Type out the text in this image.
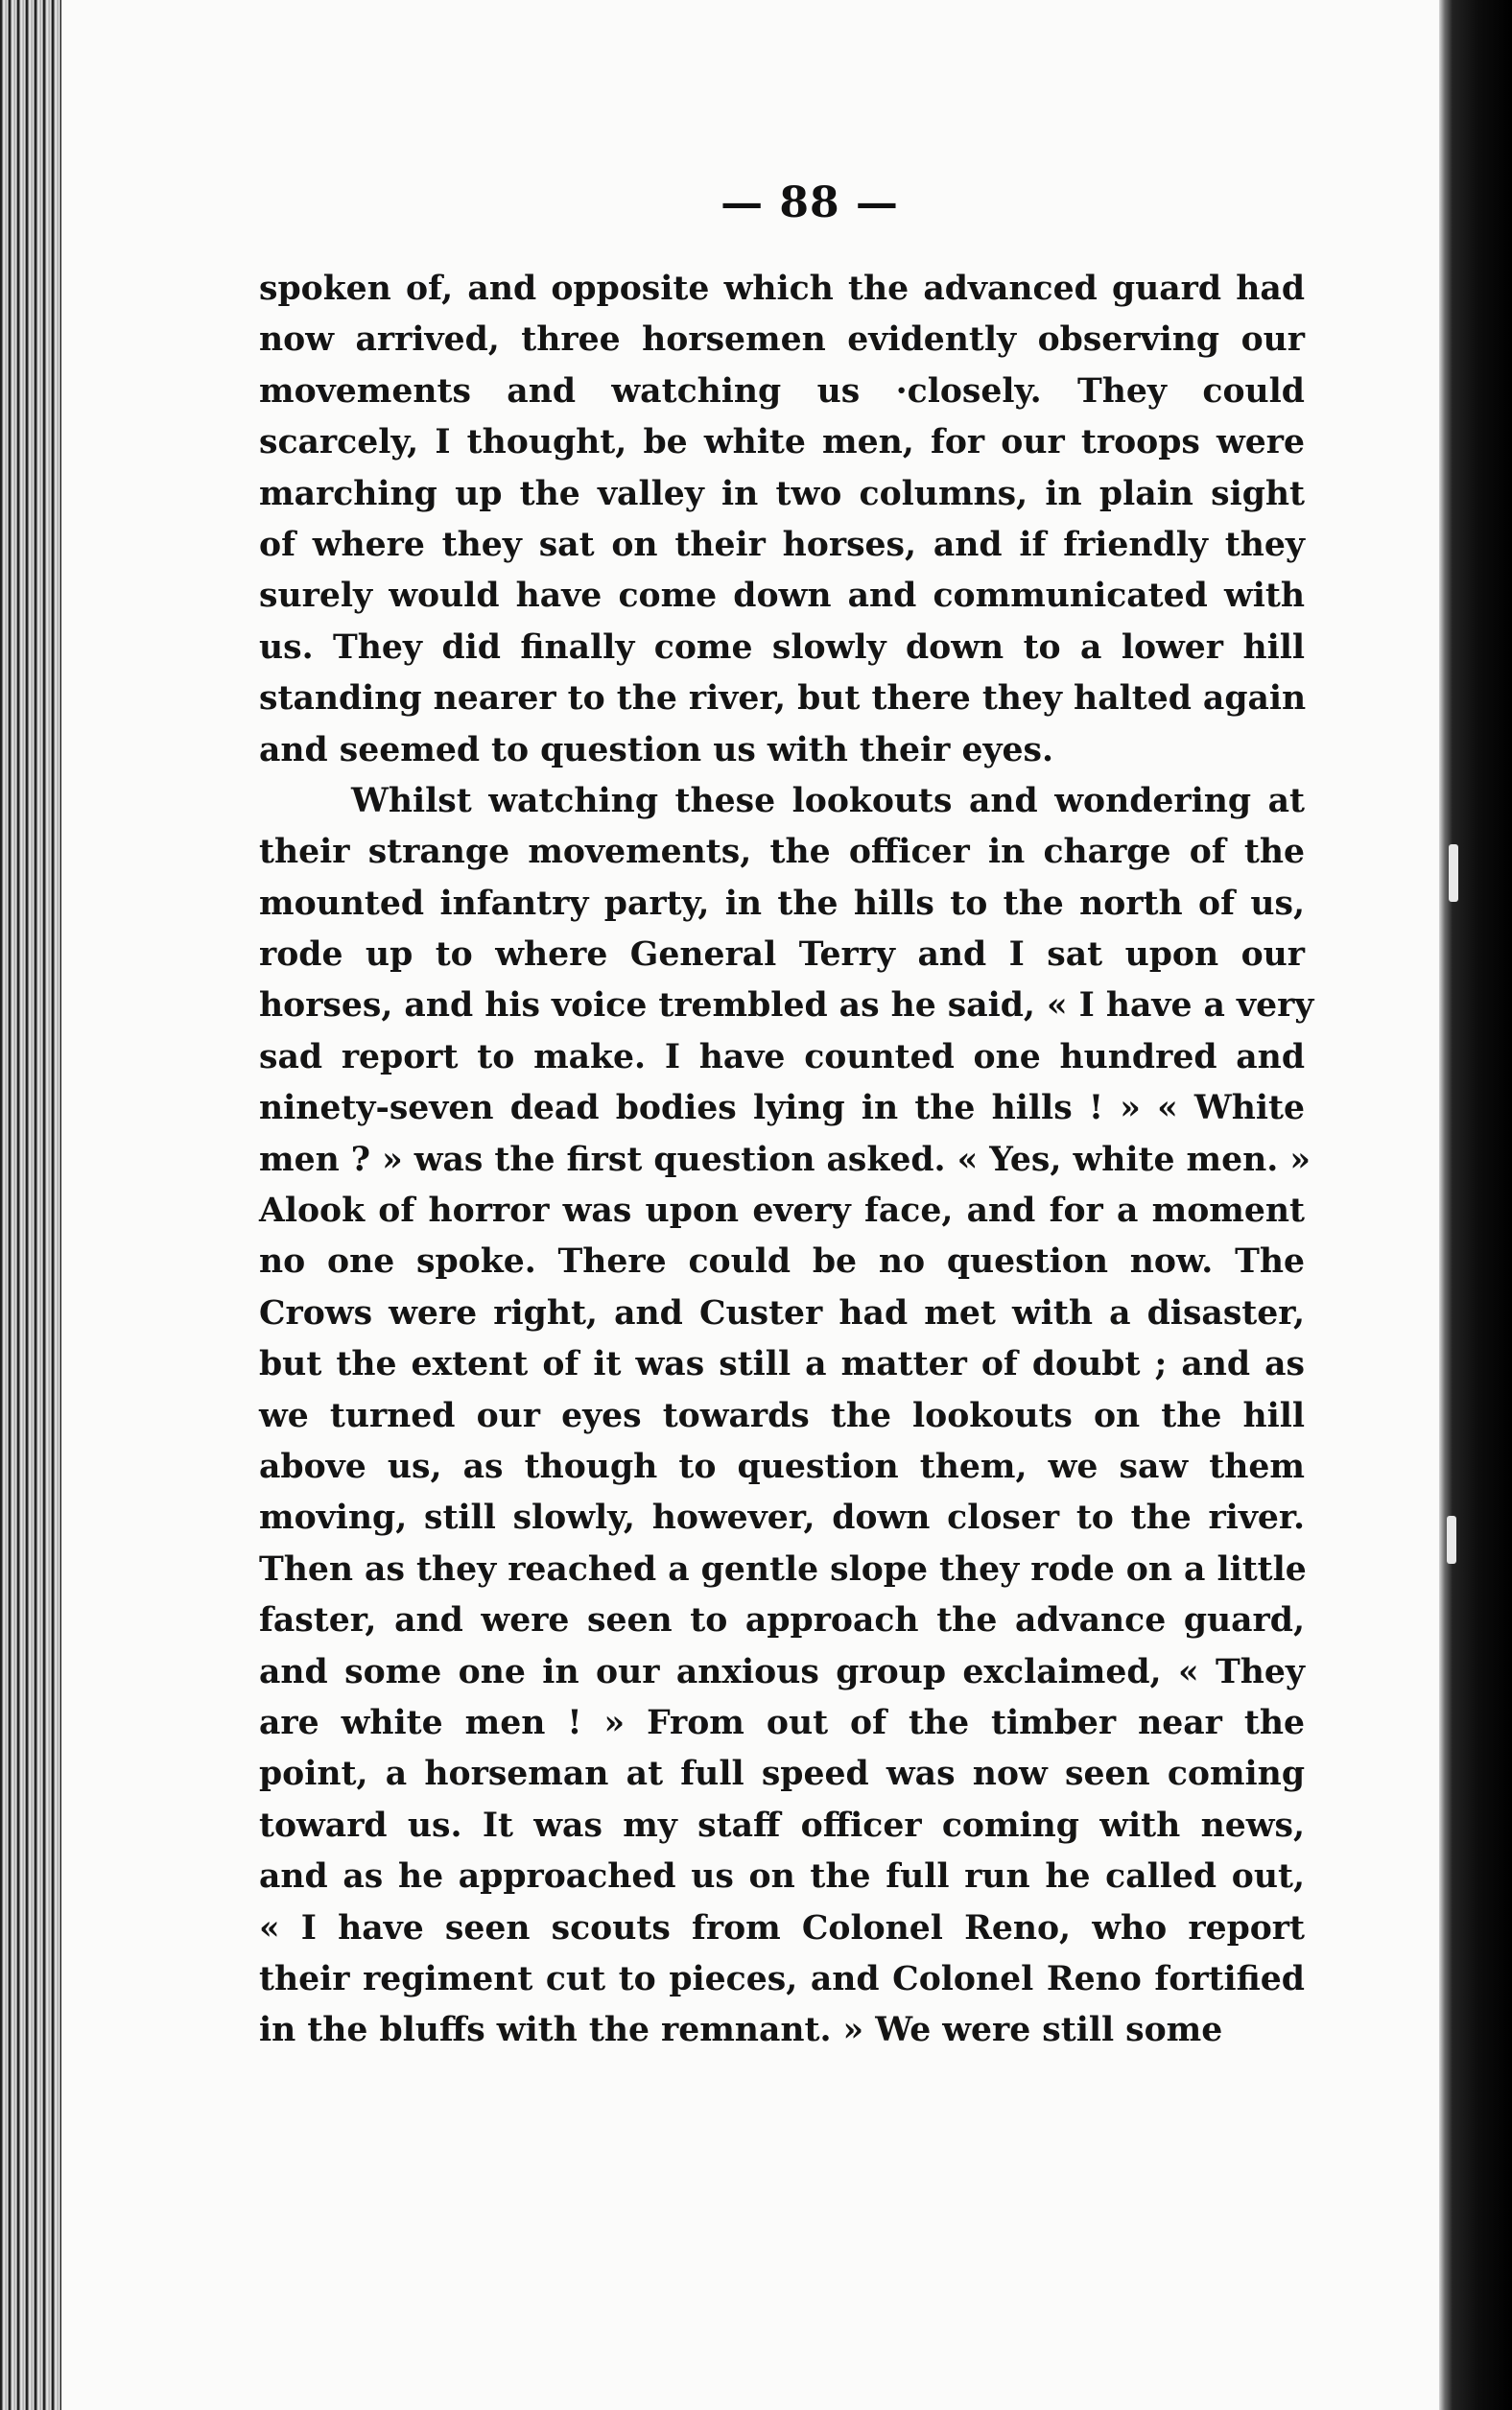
— 88 —
spoken of, and opposite which the advanced guard had
now arrived, three horsemen evidently observing our
movements and watching us ·closely. They could
scarcely, I thought, be white men, for our troops were
marching up the valley in two columns, in plain sight
of where they sat on their horses, and if friendly they
surely would have come down and communicated with
us. They did finally come slowly down to a lower hill
standing nearer to the river, but there they halted again
and seemed to question us with their eyes.
Whilst watching these lookouts and wondering at
their strange movements, the officer in charge of the
mounted infantry party, in the hills to the north of us,
rode up to where General Terry and I sat upon our
horses, and his voice trembled as he said, « I have a very
sad report to make. I have counted one hundred and
ninety-seven dead bodies lying in the hills ! » « White
men ? » was the first question asked. « Yes, white men. »
Alook of horror was upon every face, and for a moment
no one spoke. There could be no question now. The
Crows were right, and Custer had met with a disaster,
but the extent of it was still a matter of doubt ; and as
we turned our eyes towards the lookouts on the hill
above us, as though to question them, we saw them
moving, still slowly, however, down closer to the river.
Then as they reached a gentle slope they rode on a little
faster, and were seen to approach the advance guard,
and some one in our anxious group exclaimed, « They
are white men ! » From out of the timber near the
point, a horseman at full speed was now seen coming
toward us. It was my staff officer coming with news,
and as he approached us on the full run he called out,
« I have seen scouts from Colonel Reno, who report
their regiment cut to pieces, and Colonel Reno fortified
in the bluffs with the remnant. » We were still some
